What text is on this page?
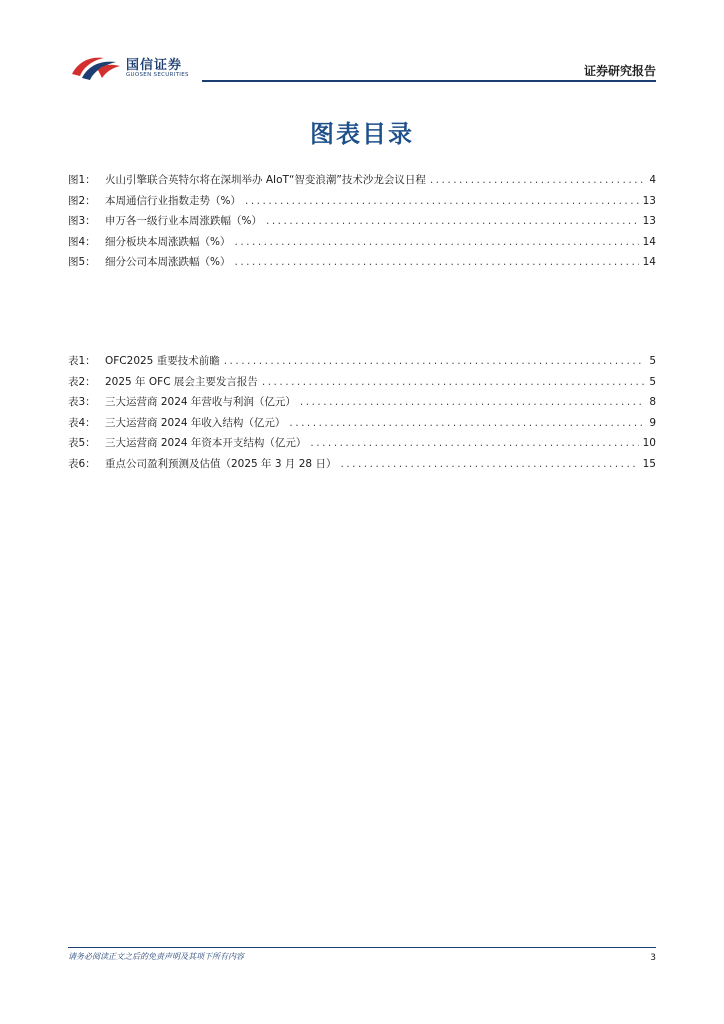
国信证券
GUOSEN SECURITIES	证券研究报告
图表目录
图1： 火山引擎联合英特尔将在深圳举办 AIoT“智变浪潮”技术沙龙会议日程 .....	4
图2： 本周通信行业指数走势（%） .....	13
图3： 申万各一级行业本周涨跌幅（%） .....	13
图4： 细分板块本周涨跌幅（%） .....	14
图5： 细分公司本周涨跌幅（%） .....	14
表1： OFC2025 重要技术前瞻 .....	5
表2： 2025 年 OFC 展会主要发言报告 .....	5
表3： 三大运营商 2024 年营收与利润（亿元） .....	8
表4： 三大运营商 2024 年收入结构（亿元） .....	9
表5： 三大运营商 2024 年资本开支结构（亿元） .....	10
表6： 重点公司盈利预测及估值（2025 年 3 月 28 日） .....	15
请务必阅读正文之后的免责声明及其项下所有内容	3
